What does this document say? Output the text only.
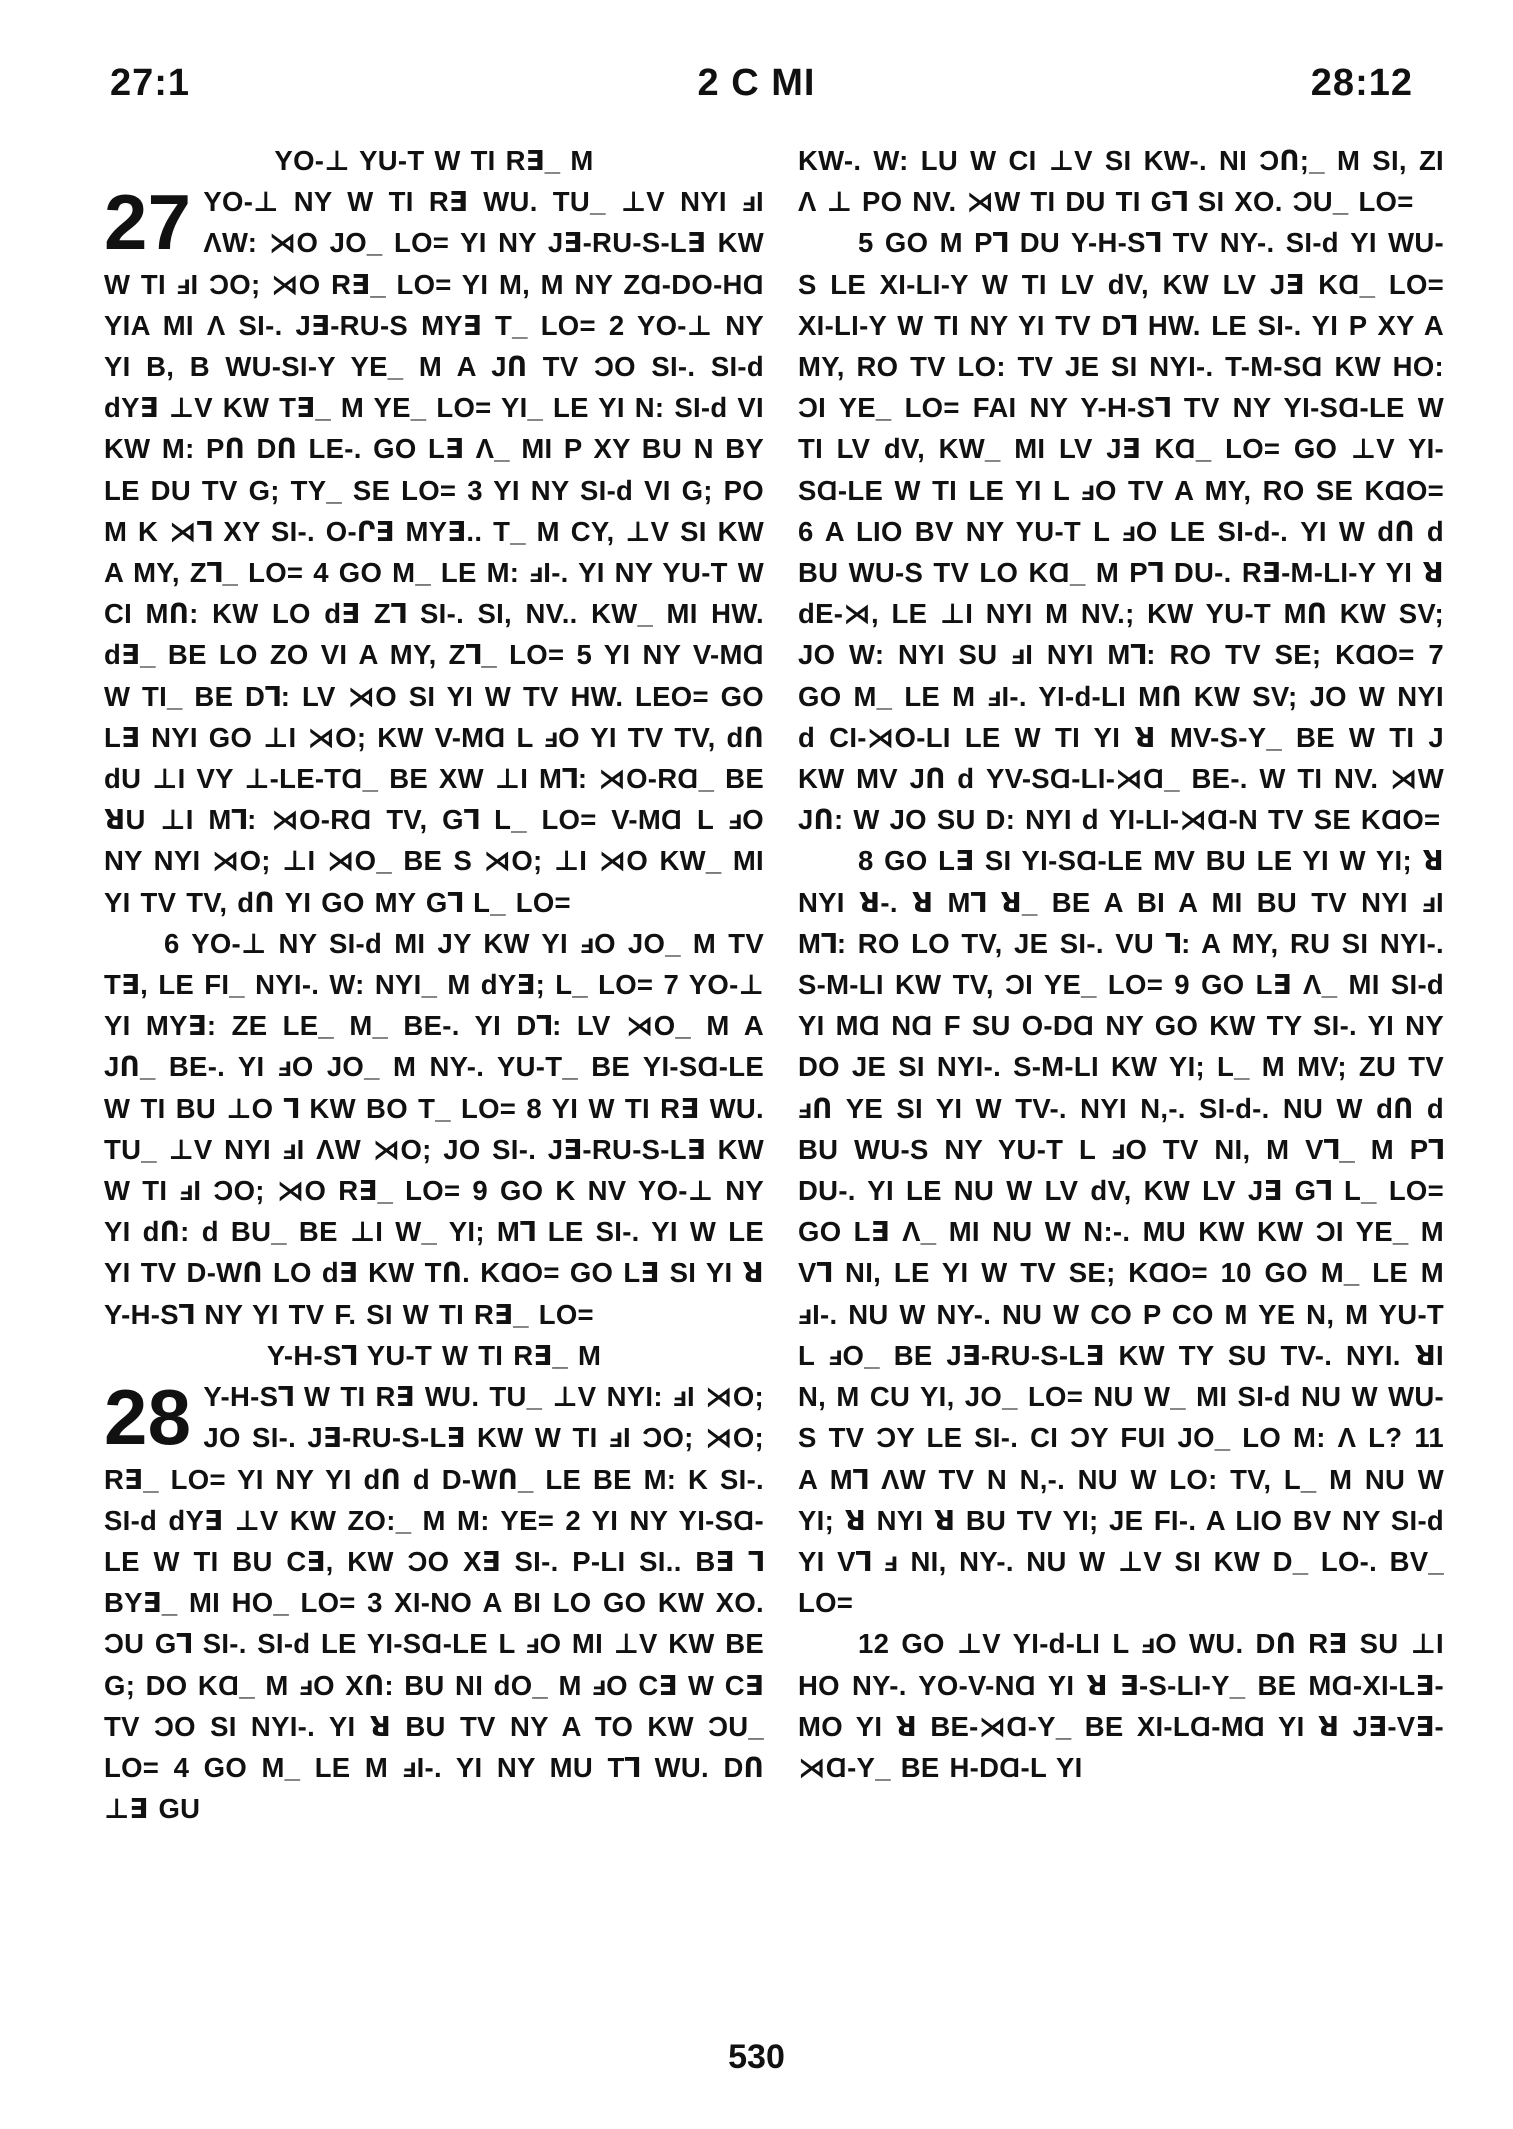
27:1	2 C MI	28:12

YO-⊥ YU-T W TI R∃_ M

27 YO-⊥ NY W TI R∃ WU. TU_ ⊥V NYI ⅎI ΛW: ⋊O JO_ LO= YI NY J∃-RU-S-L∃ KW W TI ⅎI ƆO; ⋊O R∃_ LO= YI M, M NY ZⱭ-DO-HⱭ YIA MI Λ SI-. J∃-RU-S MY∃ T_ LO= 2 YO-⊥ NY YI B, B WU-SI-Y YE_ M A JՈ TV ƆO SI-. SI-ԁ ԁY∃ ⊥V KW T∃_ M YE_ LO= YI_ LE YI N: SI-ԁ VI KW M: PՈ DՈ LE-. GO L∃ Λ_ MI P XY BU N BY LE DU TV G; TY_ SE LO= 3 YI NY SI-ԁ VI G; PO M K ⋊⅂ XY SI-. O-Ր∃ MY∃.. T_ M CY, ⊥V SI KW A MY, Z⅂_ LO= 4 GO M_ LE M: ⅎI-. YI NY YU-T W CI MՈ: KW LO ԁ∃ Z⅂ SI-. SI, NV.. KW_ MI HW. ԁ∃_ BE LO ZO VI A MY, Z⅂_ LO= 5 YI NY V-MⱭ W TI_ BE D⅂: LV ⋊O SI YI W TV HW. LEO= GO L∃ NYI GO ⊥I ⋊O; KW V-MⱭ L ⅎO YI TV TV, ԁՈ ԁU ⊥I VY ⊥-LE-TⱭ_ BE XW ⊥I M⅂: ⋊O-RⱭ_ BE ꓤU ⊥I M⅂: ⋊O-RⱭ TV, G⅂ L_ LO= V-MⱭ L ⅎO NY NYI ⋊O; ⊥I ⋊O_ BE S ⋊O; ⊥I ⋊O KW_ MI YI TV TV, ԁՈ YI GO MY G⅂ L_ LO=

6 YO-⊥ NY SI-ԁ MI JY KW YI ⅎO JO_ M TV T∃, LE FI_ NYI-. W: NYI_ M ԁY∃; L_ LO= 7 YO-⊥ YI MY∃: ZE LE_ M_ BE-. YI D⅂: LV ⋊O_ M A JՈ_ BE-. YI ⅎO JO_ M NY-. YU-T_ BE YI-SⱭ-LE W TI BU ⊥O ⅂ KW BO T_ LO= 8 YI W TI R∃ WU. TU_ ⊥V NYI ⅎI ΛW ⋊O; JO SI-. J∃-RU-S-L∃ KW W TI ⅎI ƆO; ⋊O R∃_ LO= 9 GO K NV YO-⊥ NY YI ԁՈ: ԁ BU_ BE ⊥I W_ YI; M⅂ LE SI-. YI W LE YI TV D-WՈ LO ԁ∃ KW TՈ. KⱭO= GO L∃ SI YI ꓤ Y-H-S⅂ NY YI TV F. SI W TI R∃_ LO=

Y-H-S⅂ YU-T W TI R∃_ M

28 Y-H-S⅂ W TI R∃ WU. TU_ ⊥V NYI: ⅎI ⋊O; JO SI-. J∃-RU-S-L∃ KW W TI ⅎI ƆO; ⋊O; R∃_ LO= YI NY YI ԁՈ ԁ D-WՈ_ LE BE M: K SI-. SI-ԁ ԁY∃ ⊥V KW ZO:_ M M: YE= 2 YI NY YI-SⱭ-LE W TI BU C∃, KW ƆO X∃ SI-. P-LI SI.. B∃ ⅂ BY∃_ MI HO_ LO= 3 XI-NO A BI LO GO KW XO. ƆU G⅂ SI-. SI-ԁ LE YI-SⱭ-LE L ⅎO MI ⊥V KW BE G; DO KⱭ_ M ⅎO XՈ: BU NI ԁO_ M ⅎO C∃ W C∃ TV ƆO SI NYI-. YI ꓤ BU TV NY A TO KW ƆU_ LO= 4 GO M_ LE M ⅎI-. YI NY MU T⅂ WU. DՈ ⊥∃ GU

KW-. W: LU W CI ⊥V SI KW-. NI ƆՈ;_ M SI, ZI Λ ⊥ PO NV. ⋊W TI DU TI G⅂ SI XO. ƆU_ LO=

5 GO M P⅂ DU Y-H-S⅂ TV NY-. SI-ԁ YI WU-S LE XI-LI-Y W TI LV ԁV, KW LV J∃ KⱭ_ LO= XI-LI-Y W TI NY YI TV D⅂ HW. LE SI-. YI P XY A MY, RO TV LO: TV JE SI NYI-. T-M-SⱭ KW HO: ƆI YE_ LO= FAI NY Y-H-S⅂ TV NY YI-SⱭ-LE W TI LV ԁV, KW_ MI LV J∃ KⱭ_ LO= GO ⊥V YI-SⱭ-LE W TI LE YI L ⅎO TV A MY, RO SE KⱭO= 6 A LIO BV NY YU-T L ⅎO LE SI-ԁ-. YI W ԁՈ ԁ BU WU-S TV LO KⱭ_ M P⅂ DU-. R∃-M-LI-Y YI ꓤ ԁE-⋊, LE ⊥I NYI M NV.; KW YU-T MՈ KW SV; JO W: NYI SU ⅎI NYI M⅂: RO TV SE; KⱭO= 7 GO M_ LE M ⅎI-. YI-ԁ-LI MՈ KW SV; JO W NYI ԁ CI-⋊O-LI LE W TI YI ꓤ MV-S-Y_ BE W TI J KW MV JՈ ԁ YV-SⱭ-LI-⋊Ɑ_ BE-. W TI NV. ⋊W JՈ: W JO SU D: NYI ԁ YI-LI-⋊Ɑ-N TV SE KⱭO=

8 GO L∃ SI YI-SⱭ-LE MV BU LE YI W YI; ꓤ NYI ꓤ-. ꓤ M⅂ ꓤ_ BE A BI A MI BU TV NYI ⅎI M⅂: RO LO TV, JE SI-. VU ⅂: A MY, RU SI NYI-. S-M-LI KW TV, ƆI YE_ LO= 9 GO L∃ Λ_ MI SI-ԁ YI MⱭ NⱭ F SU O-DⱭ NY GO KW TY SI-. YI NY DO JE SI NYI-. S-M-LI KW YI; L_ M MV; ZU TV ⅎՈ YE SI YI W TV-. NYI N,-. SI-ԁ-. NU W ԁՈ ԁ BU WU-S NY YU-T L ⅎO TV NI, M V⅂_ M P⅂ DU-. YI LE NU W LV ԁV, KW LV J∃ G⅂ L_ LO= GO L∃ Λ_ MI NU W N:-. MU KW KW ƆI YE_ M V⅂ NI, LE YI W TV SE; KⱭO= 10 GO M_ LE M ⅎI-. NU W NY-. NU W CO P CO M YE N, M YU-T L ⅎO_ BE J∃-RU-S-L∃ KW TY SU TV-. NYI. ꓤI N, M CU YI, JO_ LO= NU W_ MI SI-ԁ NU W WU-S TV ƆY LE SI-. CI ƆY FUI JO_ LO M: Λ L? 11 A M⅂ ΛW TV N N,-. NU W LO: TV, L_ M NU W YI; ꓤ NYI ꓤ BU TV YI; JE FI-. A LIO BV NY SI-ԁ YI V⅂ ⅎ NI, NY-. NU W ⊥V SI KW D_ LO-. BV_ LO=

12 GO ⊥V YI-ԁ-LI L ⅎO WU. DՈ R∃ SU ⊥I HO NY-. YO-V-NⱭ YI ꓤ ∃-S-LI-Y_ BE MⱭ-XI-L∃-MO YI ꓤ BE-⋊Ɑ-Y_ BE XI-LⱭ-MⱭ YI ꓤ J∃-V∃-⋊Ɑ-Y_ BE H-DⱭ-L YI

530
